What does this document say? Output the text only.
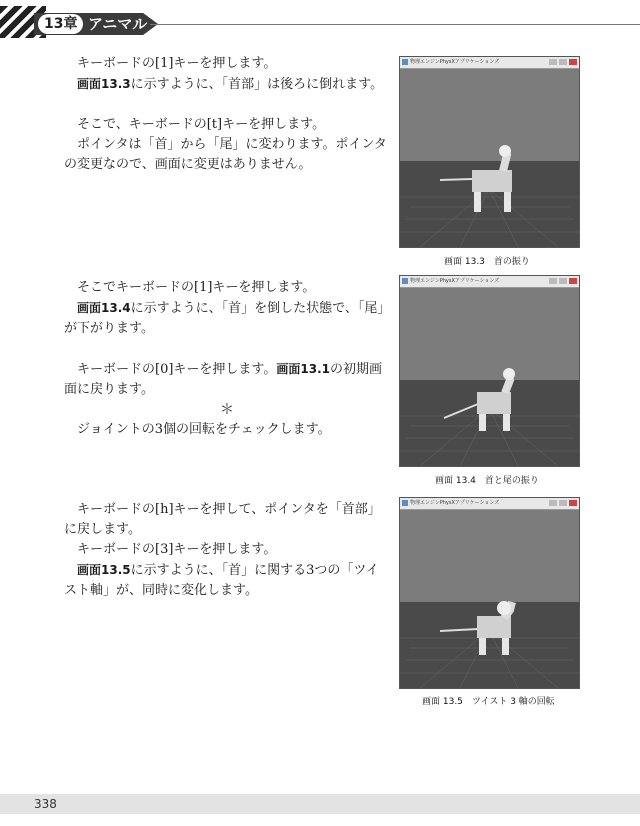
13章 アニマル

キーボードの[1]キーを押します。

画面13.3に示すように、「首部」は後ろに倒れます。

そこで、キーボードの[t]キーを押します。

ポインタは「首」から「尾」に変わります。ポインタの変更なので、画面に変更はありません。

そこでキーボードの[1]キーを押します。

画面13.4に示すように、「首」を倒した状態で、「尾」が下がります。

キーボードの[0]キーを押します。画面13.1の初期画面に戻ります。

＊

ジョイントの3個の回転をチェックします。

キーボードの[h]キーを押して、ポインタを「首部」に戻します。

キーボードの[3]キーを押します。

画面13.5に示すように、「首」に関する3つの「ツイスト軸」が、同時に変化します。

物理エンジンPhysXアプリケーションズ
画面 13.3　首の振り
物理エンジンPhysXアプリケーションズ
画面 13.4　首と尾の振り
物理エンジンPhysXアプリケーションズ
画面 13.5　ツイスト 3 軸の回転
338
